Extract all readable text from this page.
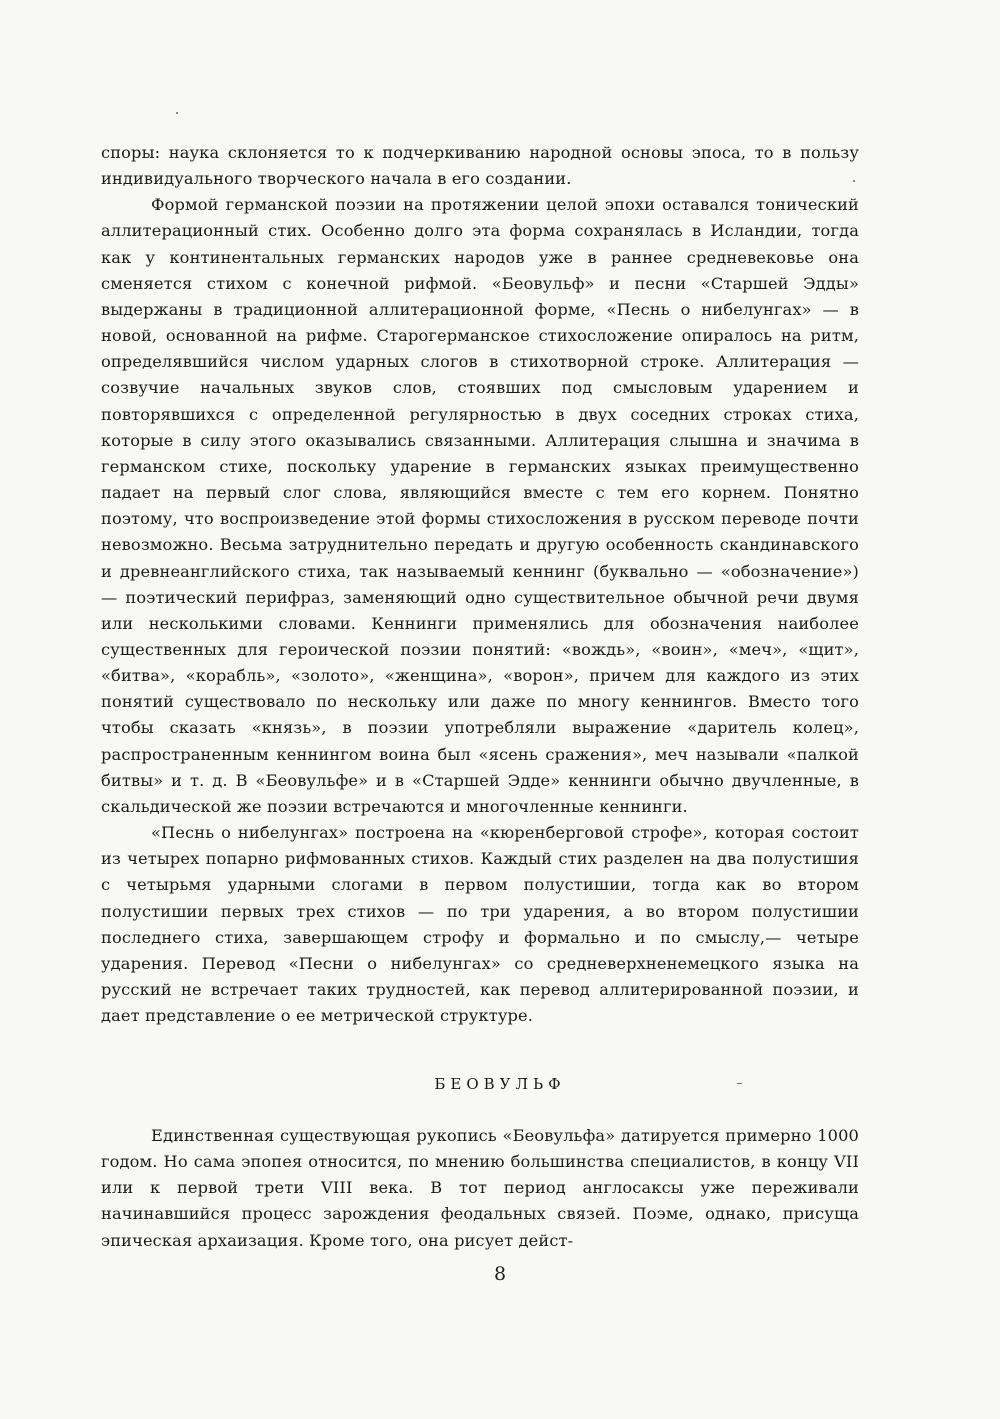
споры: наука склоняется то к подчеркиванию народной основы эпоса, то в пользу индивидуального творческого начала в его создании.

Формой германской поэзии на протяжении целой эпохи оставался тонический аллитерационный стих. Особенно долго эта форма сохранялась в Исландии, тогда как у континентальных германских народов уже в раннее средневековье она сменяется стихом с конечной рифмой. «Беовульф» и песни «Старшей Эдды» выдержаны в традиционной аллитерационной форме, «Песнь о нибелунгах» — в новой, основанной на рифме. Старогерманское стихосложение опиралось на ритм, определявшийся числом ударных слогов в стихотворной строке. Аллитерация — созвучие начальных звуков слов, стоявших под смысловым ударением и повторявшихся с определенной регулярностью в двух соседних строках стиха, которые в силу этого оказывались связанными. Аллитерация слышна и значима в германском стихе, поскольку ударение в германских языках преимущественно падает на первый слог слова, являющийся вместе с тем его корнем. Понятно поэтому, что воспроизведение этой формы стихосложения в русском переводе почти невозможно. Весьма затруднительно передать и другую особенность скандинавского и древнеанглийского стиха, так называемый кеннинг (буквально — «обозначение») — поэтический перифраз, заменяющий одно существительное обычной речи двумя или несколькими словами. Кеннинги применялись для обозначения наиболее существенных для героической поэзии понятий: «вождь», «воин», «меч», «щит», «битва», «корабль», «золото», «женщина», «ворон», причем для каждого из этих понятий существовало по нескольку или даже по многу кеннингов. Вместо того чтобы сказать «князь», в поэзии употребляли выражение «даритель колец», распространенным кеннингом воина был «ясень сражения», меч называли «палкой битвы» и т. д. В «Беовульфе» и в «Старшей Эдде» кеннинги обычно двучленные, в скальдической же поэзии встречаются и многочленные кеннинги.

«Песнь о нибелунгах» построена на «кюренберговой строфе», которая состоит из четырех попарно рифмованных стихов. Каждый стих разделен на два полустишия с четырьмя ударными слогами в первом полустишии, тогда как во втором полустишии первых трех стихов — по три ударения, а во втором полустишии последнего стиха, завершающем строфу и формально и по смыслу,— четыре ударения. Перевод «Песни о нибелунгах» со средневерхненемецкого языка на русский не встречает таких трудностей, как перевод аллитерированной поэзии, и дает представление о ее метрической структуре.

БЕОВУЛЬФ

Единственная существующая рукопись «Беовульфа» датируется примерно 1000 годом. Но сама эпопея относится, по мнению большинства специалистов, в концу VII или к первой трети VIII века. В тот период англосаксы уже переживали начинавшийся процесс зарождения феодальных связей. Поэме, однако, присуща эпическая архаизация. Кроме того, она рисует дейст-

8
